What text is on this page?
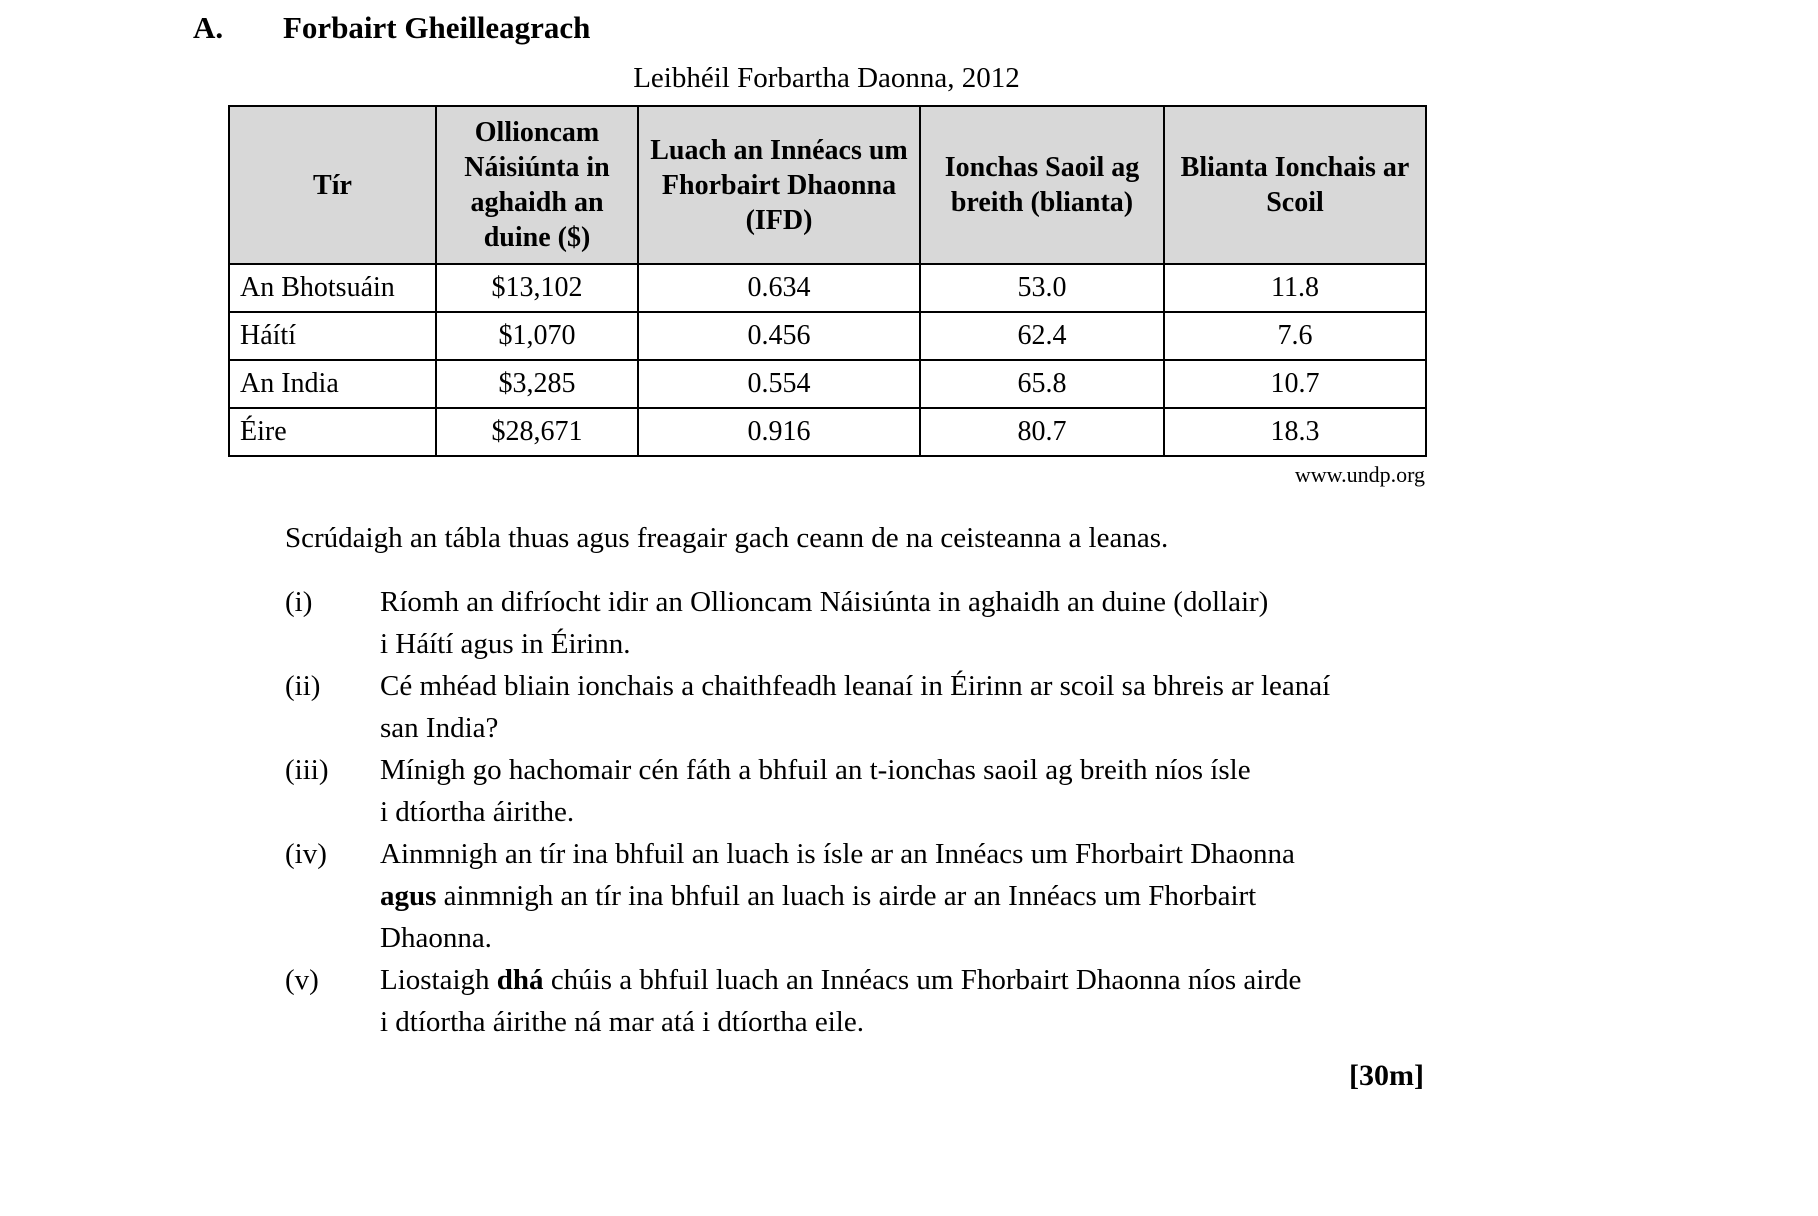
A.	Forbairt Gheilleagrach
Leibhéil Forbartha Daonna, 2012
Tír	Ollioncam Náisiúnta in aghaidh an duine ($)	Luach an Innéacs um Fhorbairt Dhaonna (IFD)	Ionchas Saoil ag breith (blianta)	Blianta Ionchais ar Scoil
An Bhotsuáin	$13,102	0.634	53.0	11.8
Háítí	$1,070	0.456	62.4	7.6
An India	$3,285	0.554	65.8	10.7
Éire	$28,671	0.916	80.7	18.3
www.undp.org
Scrúdaigh an tábla thuas agus freagair gach ceann de na ceisteanna a leanas.
(i)	Ríomh an difríocht idir an Ollioncam Náisiúnta in aghaidh an duine (dollair)
i Háítí agus in Éirinn.
(ii)	Cé mhéad bliain ionchais a chaithfeadh leanaí in Éirinn ar scoil sa bhreis ar leanaí
san India?
(iii)	Mínigh go hachomair cén fáth a bhfuil an t-ionchas saoil ag breith níos ísle
i dtíortha áirithe.
(iv)	Ainmnigh an tír ina bhfuil an luach is ísle ar an Innéacs um Fhorbairt Dhaonna
agus ainmnigh an tír ina bhfuil an luach is airde ar an Innéacs um Fhorbairt
Dhaonna.
(v)	Liostaigh dhá chúis a bhfuil luach an Innéacs um Fhorbairt Dhaonna níos airde
i dtíortha áirithe ná mar atá i dtíortha eile.
[30m]
